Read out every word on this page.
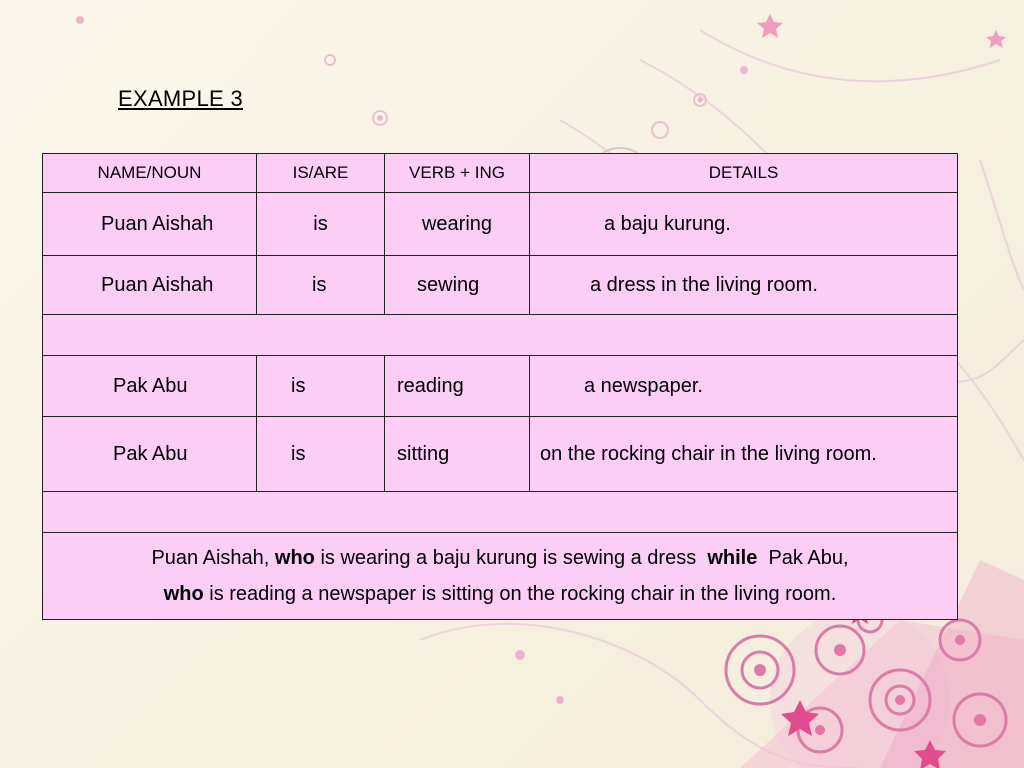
EXAMPLE 3
NAME/NOUN	IS/ARE	VERB + ING	DETAILS
Puan Aishah	is	wearing	a baju kurung.
Puan Aishah	is	sewing	a dress in the living room.

Pak Abu	is	reading	a newspaper.
Pak Abu	is	sitting	on the rocking chair in the living room.

Puan Aishah, who is wearing a baju kurung is sewing a dress  while  Pak Abu,
who is reading a newspaper is sitting on the rocking chair in the living room.			
